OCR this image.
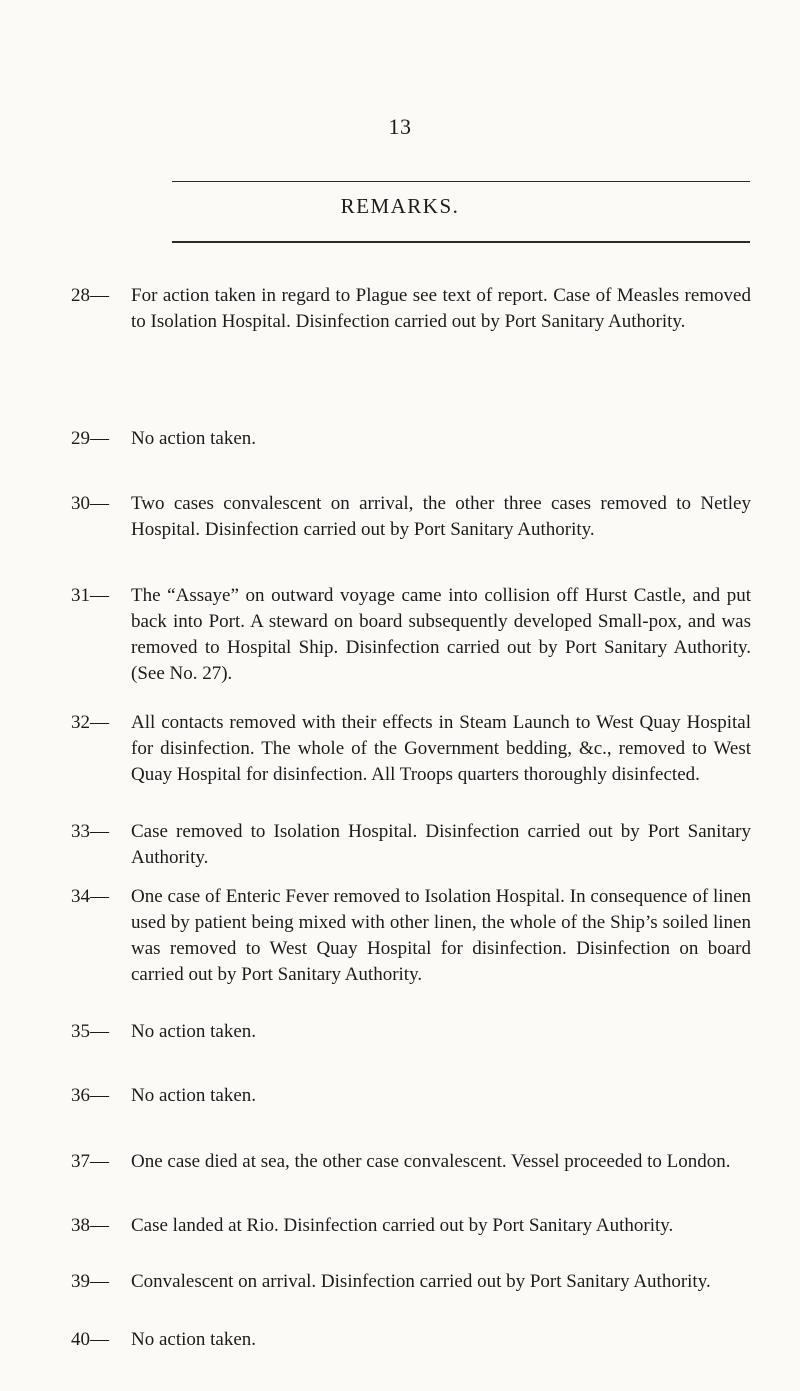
13
REMARKS.
28—	For action taken in regard to Plague see text of report. Case of Measles removed to Isolation Hospital. Disinfection carried out by Port Sanitary Authority.
29—	No action taken.
30—	Two cases convalescent on arrival, the other three cases removed to Netley Hospital. Disinfection carried out by Port Sanitary Authority.
31—	The “Assaye” on outward voyage came into collision off Hurst Castle, and put back into Port. A steward on board subsequently developed Small-pox, and was removed to Hospital Ship. Disinfection carried out by Port Sanitary Authority. (See No. 27).
32—	All contacts removed with their effects in Steam Launch to West Quay Hospital for disinfection. The whole of the Government bedding, &c., removed to West Quay Hospital for disinfection. All Troops quarters thoroughly disinfected.
33—	Case removed to Isolation Hospital. Disinfection carried out by Port Sanitary Authority.
34—	One case of Enteric Fever removed to Isolation Hospital. In consequence of linen used by patient being mixed with other linen, the whole of the Ship’s soiled linen was removed to West Quay Hospital for disinfection. Disinfection on board carried out by Port Sanitary Authority.
35—	No action taken.
36—	No action taken.
37—	One case died at sea, the other case convalescent. Vessel proceeded to London.
38—	Case landed at Rio. Disinfection carried out by Port Sanitary Authority.
39—	Convalescent on arrival. Disinfection carried out by Port Sanitary Authority.
40—	No action taken.
